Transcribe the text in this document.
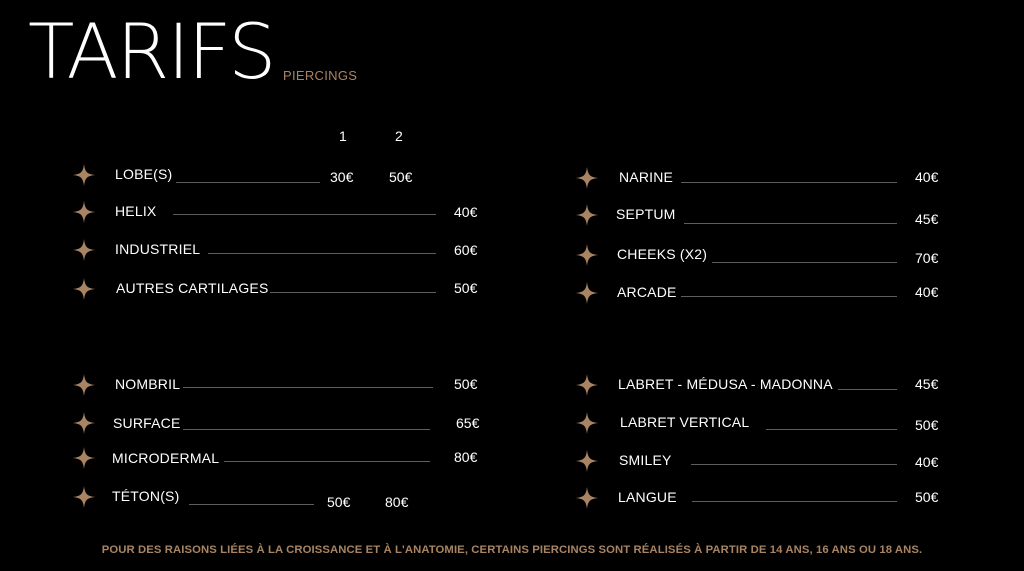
TARIFS PIERCINGS
1	2
LOBE(S)	30€	50€
HELIX	40€
INDUSTRIEL	60€
AUTRES CARTILAGES	50€
NOMBRIL	50€
SURFACE	65€
MICRODERMAL	80€
TÉTON(S)	50€ 80€
NARINE	40€
SEPTUM	45€
CHEEKS (X2)	70€
ARCADE	40€
LABRET - MÉDUSA - MADONNA	45€
LABRET VERTICAL	50€
SMILEY	40€
LANGUE	50€
POUR DES RAISONS LIÉES À LA CROISSANCE ET À L'ANATOMIE, CERTAINS PIERCINGS SONT RÉALISÉS À PARTIR DE 14 ANS, 16 ANS OU 18 ANS.
